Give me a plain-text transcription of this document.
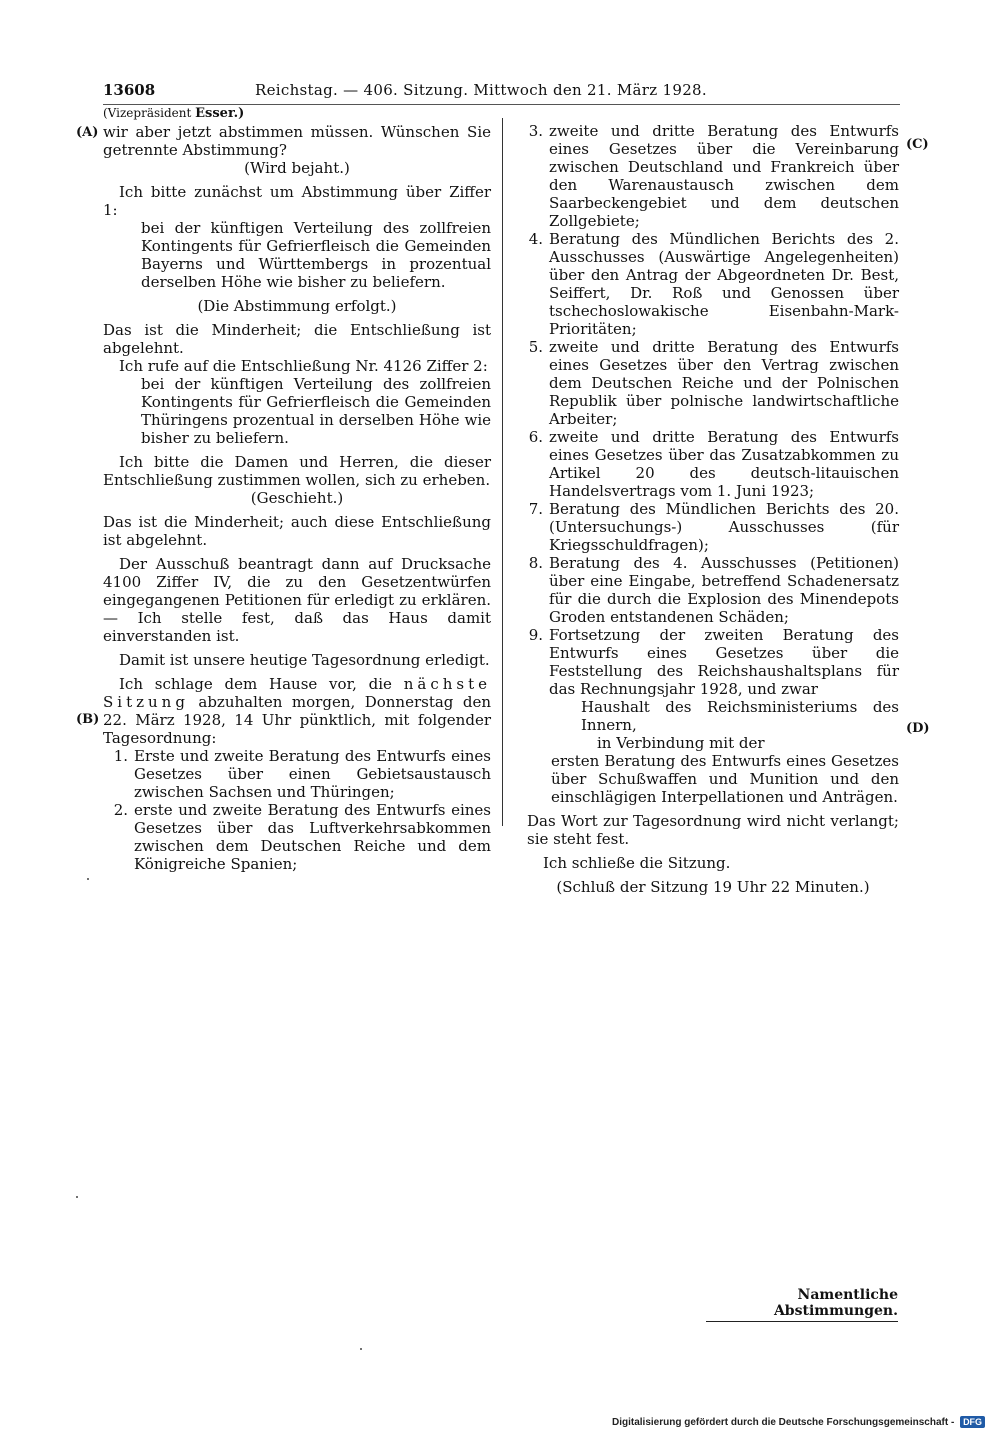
13608	Reichstag. — 406. Sitzung. Mittwoch den 21. März 1928.
(A)
(B)
(C)
(D)

(Vizepräsident Esser.)

wir aber jetzt abstimmen müssen. Wünschen Sie getrennte Abstimmung?

(Wird bejaht.)

Ich bitte zunächst um Abstimmung über Ziffer 1:

bei der künftigen Verteilung des zollfreien Kontingents für Gefrierfleisch die Gemeinden Bayerns und Württembergs in prozentual derselben Höhe wie bisher zu beliefern.

(Die Abstimmung erfolgt.)

Das ist die Minderheit; die Entschließung ist abgelehnt.

Ich rufe auf die Entschließung Nr. 4126 Ziffer 2:

bei der künftigen Verteilung des zollfreien Kontingents für Gefrierfleisch die Gemeinden Thüringens prozentual in derselben Höhe wie bisher zu beliefern.

Ich bitte die Damen und Herren, die dieser Entschließung zustimmen wollen, sich zu erheben.

(Geschieht.)

Das ist die Minderheit; auch diese Entschließung ist abgelehnt.

Der Ausschuß beantragt dann auf Drucksache 4100 Ziffer IV, die zu den Gesetzentwürfen eingegangenen Petitionen für erledigt zu erklären. — Ich stelle fest, daß das Haus damit einverstanden ist.

Damit ist unsere heutige Tagesordnung erledigt.

Ich schlage dem Hause vor, die nächste Sitzung abzuhalten morgen, Donnerstag den 22. März 1928, 14 Uhr pünktlich, mit folgender Tagesordnung:

1. Erste und zweite Beratung des Entwurfs eines Gesetzes über einen Gebietsaustausch zwischen Sachsen und Thüringen;
2. erste und zweite Beratung des Entwurfs eines Gesetzes über das Luftverkehrsabkommen zwischen dem Deutschen Reiche und dem Königreiche Spanien;
3. zweite und dritte Beratung des Entwurfs eines Gesetzes über die Vereinbarung zwischen Deutschland und Frankreich über den Warenaustausch zwischen dem Saarbeckengebiet und dem deutschen Zollgebiete;
4. Beratung des Mündlichen Berichts des 2. Ausschusses (Auswärtige Angelegenheiten) über den Antrag der Abgeordneten Dr. Best, Seiffert, Dr. Roß und Genossen über tschechoslowakische Eisenbahn-Mark-Prioritäten;
5. zweite und dritte Beratung des Entwurfs eines Gesetzes über den Vertrag zwischen dem Deutschen Reiche und der Polnischen Republik über polnische landwirtschaftliche Arbeiter;
6. zweite und dritte Beratung des Entwurfs eines Gesetzes über das Zusatzabkommen zu Artikel 20 des deutsch-litauischen Handelsvertrags vom 1. Juni 1923;
7. Beratung des Mündlichen Berichts des 20. (Untersuchungs-) Ausschusses (für Kriegsschuldfragen);
8. Beratung des 4. Ausschusses (Petitionen) über eine Eingabe, betreffend Schadenersatz für die durch die Explosion des Minendepots Groden entstandenen Schäden;
9. Fortsetzung der zweiten Beratung des Entwurfs eines Gesetzes über die Feststellung des Reichshaushaltsplans für das Rechnungsjahr 1928, und zwar

Haushalt des Reichsministeriums des Innern,

in Verbindung mit der

ersten Beratung des Entwurfs eines Gesetzes über Schußwaffen und Munition und den einschlägigen Interpellationen und Anträgen.

Das Wort zur Tagesordnung wird nicht verlangt; sie steht fest.

Ich schließe die Sitzung.

(Schluß der Sitzung 19 Uhr 22 Minuten.)

Namentliche Abstimmungen.
Digitalisierung gefördert durch die Deutsche Forschungsgemeinschaft - DFG
